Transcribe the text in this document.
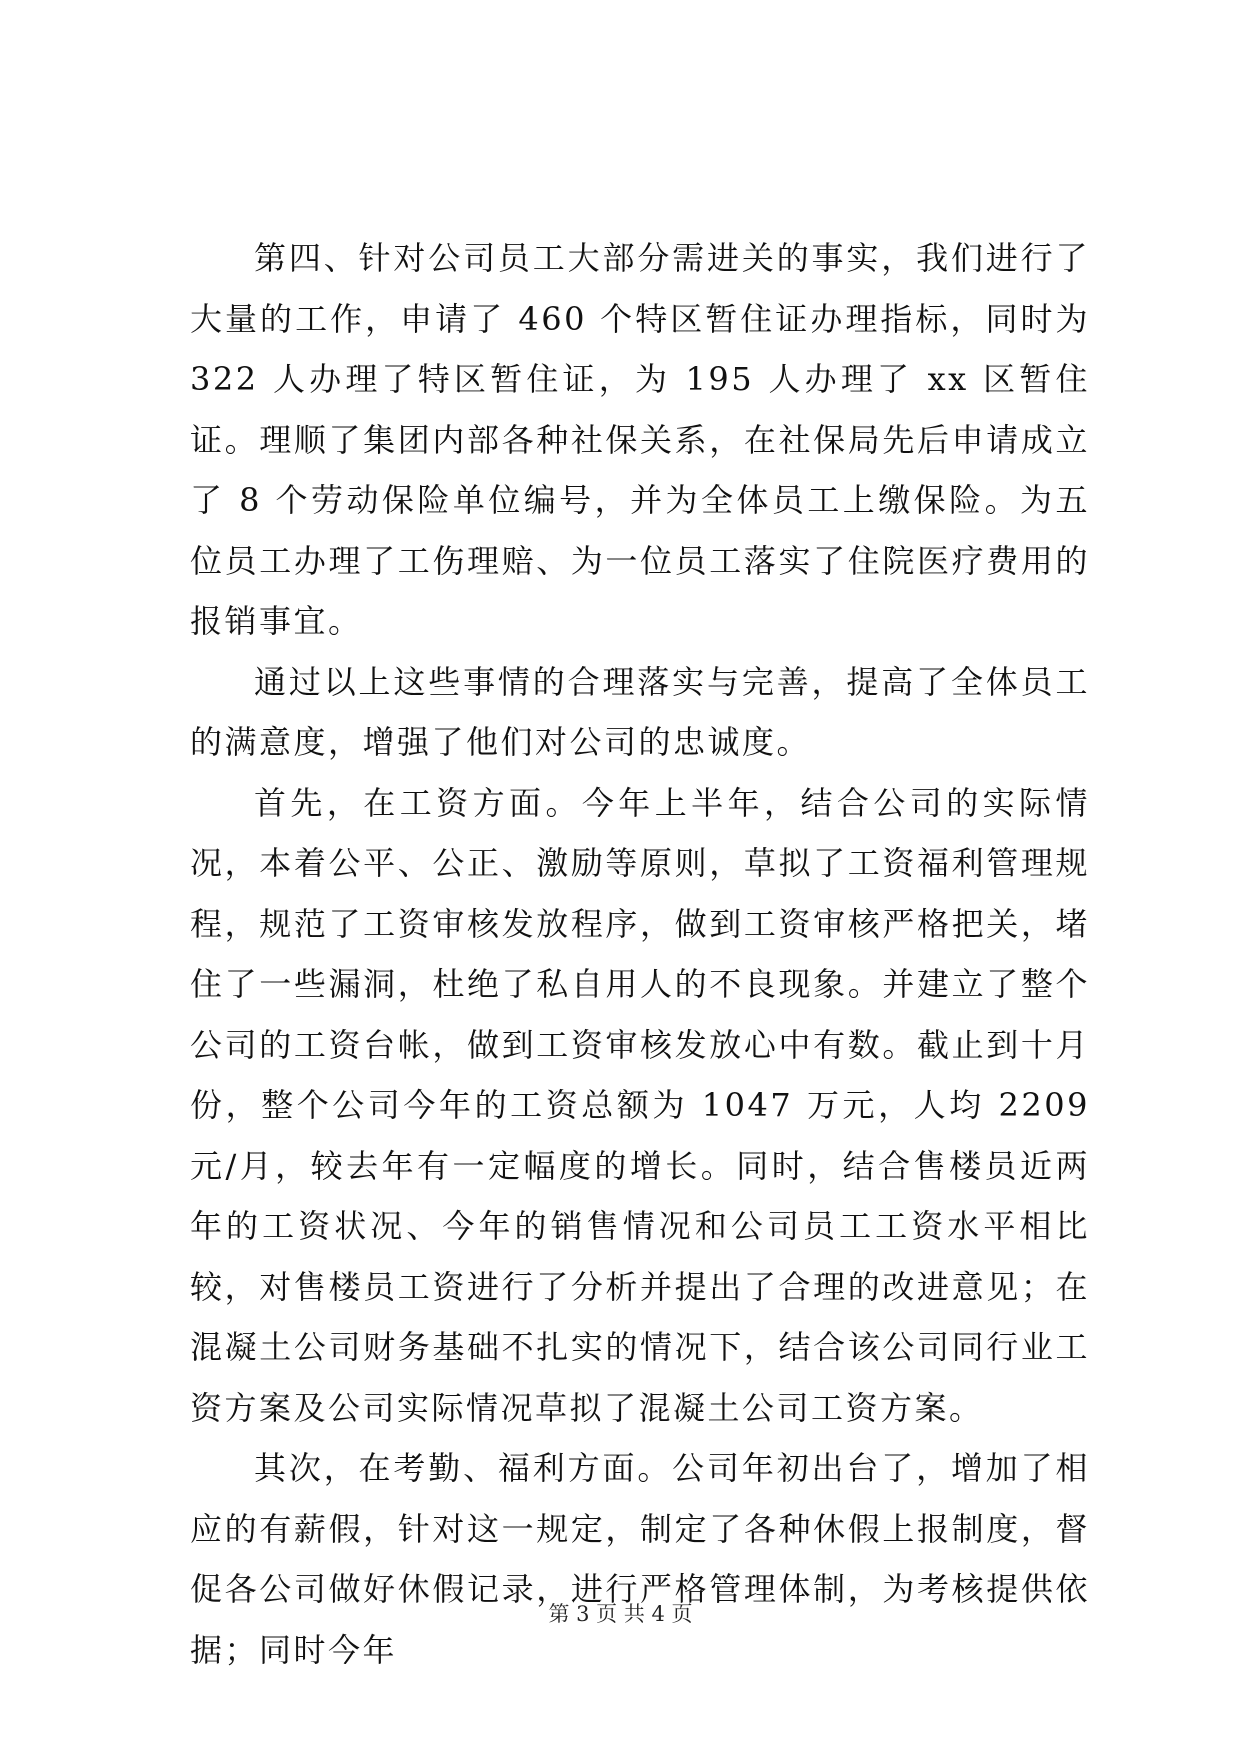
第四、针对公司员工大部分需进关的事实，我们进行了大量的工作，申请了 460 个特区暂住证办理指标，同时为 322 人办理了特区暂住证，为 195 人办理了 xx 区暂住证。理顺了集团内部各种社保关系，在社保局先后申请成立了 8 个劳动保险单位编号，并为全体员工上缴保险。为五位员工办理了工伤理赔、为一位员工落实了住院医疗费用的报销事宜。

通过以上这些事情的合理落实与完善，提高了全体员工的满意度，增强了他们对公司的忠诚度。

首先，在工资方面。今年上半年，结合公司的实际情况，本着公平、公正、激励等原则，草拟了工资福利管理规程，规范了工资审核发放程序，做到工资审核严格把关，堵住了一些漏洞，杜绝了私自用人的不良现象。并建立了整个公司的工资台帐，做到工资审核发放心中有数。截止到十月份，整个公司今年的工资总额为 1047 万元，人均 2209 元/月，较去年有一定幅度的增长。同时，结合售楼员近两年的工资状况、今年的销售情况和公司员工工资水平相比较，对售楼员工资进行了分析并提出了合理的改进意见；在混凝土公司财务基础不扎实的情况下，结合该公司同行业工资方案及公司实际情况草拟了混凝土公司工资方案。

其次，在考勤、福利方面。公司年初出台了，增加了相应的有薪假，针对这一规定，制定了各种休假上报制度，督促各公司做好休假记录，进行严格管理体制，为考核提供依据；同时今年

第 3 页 共 4 页
